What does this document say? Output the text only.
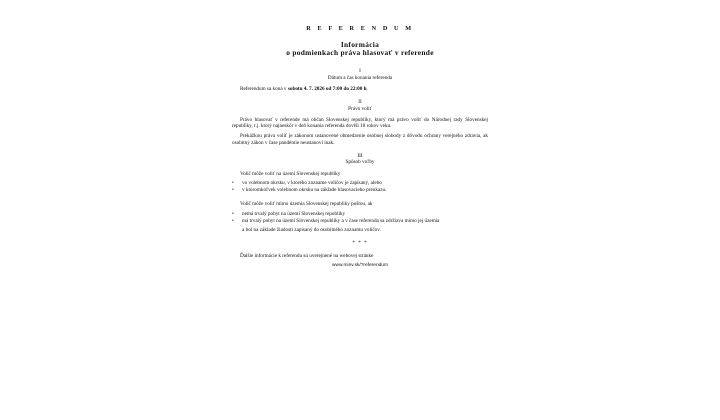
R E F E R E N D U M
Informácia
o podmienkach práva hlasovať v referende
I
Dátum a čas konania referenda

Referendum sa koná v sobotu 4. 7. 2026 od 7:00 do 22:00 h.

II
Právo voliť

Právo hlasovať v referende má občan Slovenskej republiky, ktorý má právo voliť do Národnej rady Slovenskej republiky, t.j. ktorý najneskôr v deň konania referenda dovŕši 18 rokov veku.

Prekážkou práva voliť je zákonom ustanovené obmedzenie osobnej slobody z dôvodu ochrany verejného zdravia, ak osobitný zákon v čase pandémie neustanoví inak.

III
Spôsob voľby

Volič môže voliť na území Slovenskej republiky

• vo volebnom okrsku, v ktorého zozname voličov je zapísaný, alebo
• v ktoromkoľvek volebnom okrsku na základe hlasovacieho preukazu.

Volič môže voliť mimo územia Slovenskej republiky poštou, ak

• nemá trvalý pobyt na území Slovenskej republiky
• má trvalý pobyt na území Slovenskej republiky a v čase referenda sa zdržiava mimo jej územia

a bol na základe žiadosti zapísaný do osobitného zoznamu voličov.

* * *

Ďalšie informácie k referendu sú uverejnené na webovej stránke

www.minv.sk/?referendum
